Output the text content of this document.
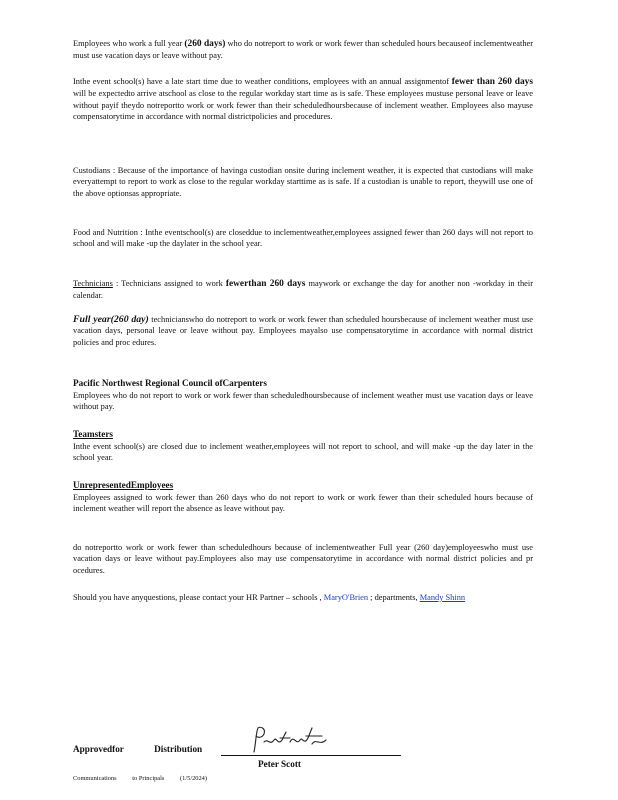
Employees who work a full year (260 days) who do notreport to work or work fewer than scheduled hours becauseof inclementweather must use vacation days or leave without pay.

Inthe event school(s) have a late start time due to weather conditions, employees with an annual assignmentof fewer than 260 days will be expectedto arrive atschool as close to the regular workday start time as is safe. These employees mustuse personal leave or leave without payif theydo notreportto work or work fewer than their scheduledhoursbecause of inclement weather. Employees also mayuse compensatorytime in accordance with normal districtpolicies and procedures.

Custodians : Because of the importance of havinga custodian onsite during inclement weather, it is expected that custodians will make everyattempt to report to work as close to the regular workday starttime as is safe. If a custodian is unable to report, theywill use one of the above optionsas appropriate.

Food and Nutrition : Inthe eventschool(s) are closeddue to inclementweather,employees assigned fewer than 260 days will not report to school and will make -up the daylater in the school year.

Technicians : Technicians assigned to work fewerthan 260 days maywork or exchange the day for another non -workday in their calendar.

Full year(260 day) technicianswho do notreport to work or work fewer than scheduled hoursbecause of inclement weather must use vacation days, personal leave or leave without pay. Employees mayalso use compensatorytime in accordance with normal district policies and proc edures.

Pacific Northwest Regional Council ofCarpenters

Employees who do not report to work or work fewer than scheduledhoursbecause of inclement weather must use vacation days or leave without pay.

Teamsters

Inthe event school(s) are closed due to inclement weather,employees will not report to school, and will make -up the day later in the school year.

UnrepresentedEmployees

Employees assigned to work fewer than 260 days who do not report to work or work fewer than their scheduled hours because of inclement weather will report the absence as leave without pay.

do notreportto work or work fewer than scheduledhours because of inclementweather Full year (260 day)employeeswho must use vacation days or leave without pay.Employees also may use compensatorytime in accordance with normal district policies and pr ocedures.

Should you have anyquestions, please contact your HR Partner – schools , MaryO'Brien ; departments, Mandy Shinn

Approvedfor	Distribution
Peter Scott
Communications to Principals (1/5/2024)
